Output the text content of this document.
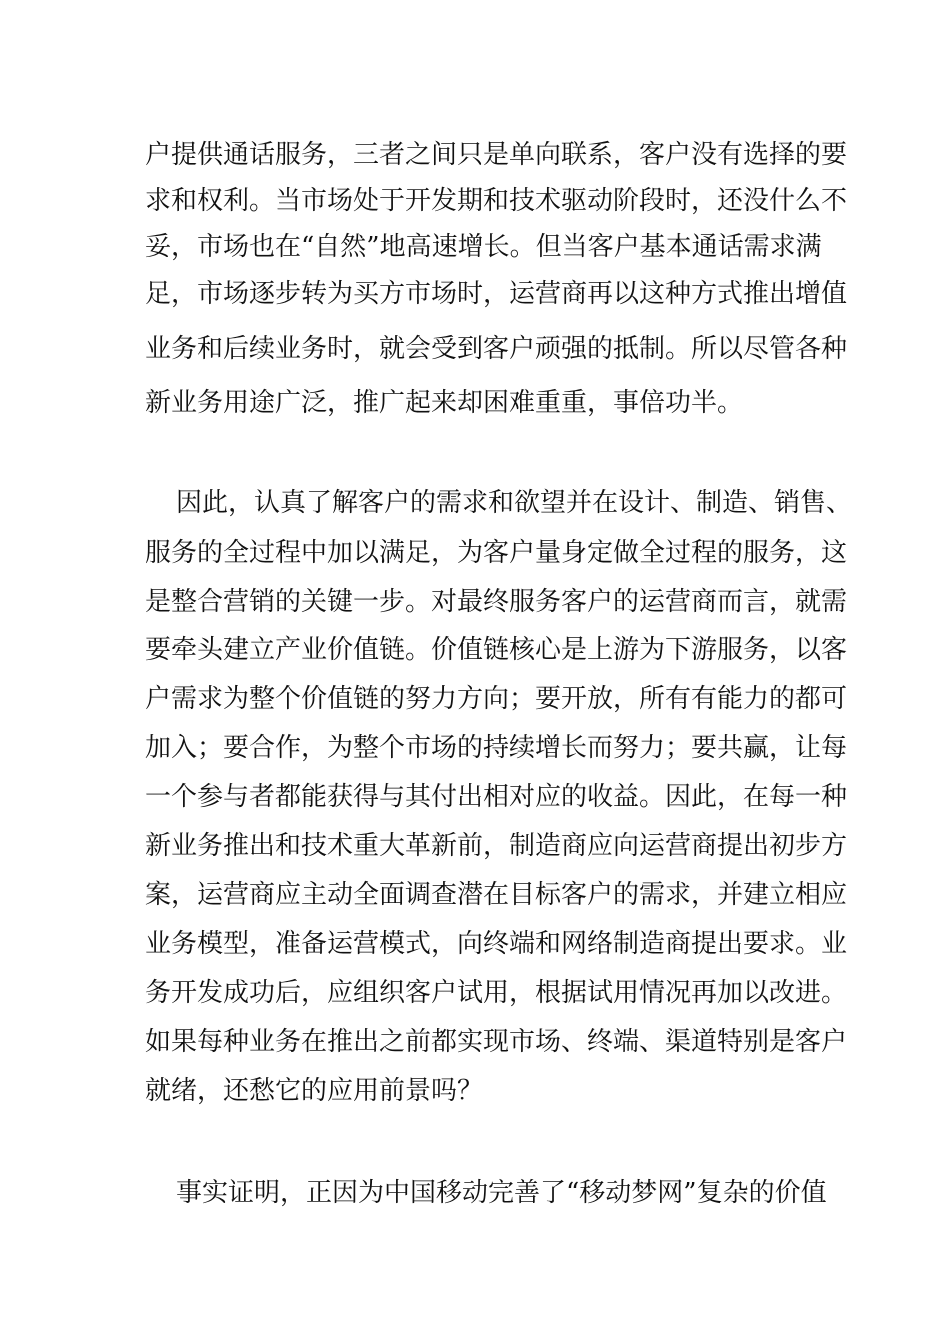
户提供通话服务，三者之间只是单向联系，客户没有选择的要
求和权利。当市场处于开发期和技术驱动阶段时，还没什么不
妥，市场也在“自然”地高速增长。但当客户基本通话需求满
足，市场逐步转为买方市场时，运营商再以这种方式推出增值
业务和后续业务时，就会受到客户顽强的抵制。所以尽管各种
新业务用途广泛，推广起来却困难重重，事倍功半。
因此，认真了解客户的需求和欲望并在设计、制造、销售、
服务的全过程中加以满足，为客户量身定做全过程的服务，这
是整合营销的关键一步。对最终服务客户的运营商而言，就需
要牵头建立产业价值链。价值链核心是上游为下游服务，以客
户需求为整个价值链的努力方向；要开放，所有有能力的都可
加入；要合作，为整个市场的持续增长而努力；要共赢，让每
一个参与者都能获得与其付出相对应的收益。因此，在每一种
新业务推出和技术重大革新前，制造商应向运营商提出初步方
案，运营商应主动全面调查潜在目标客户的需求，并建立相应
业务模型，准备运营模式，向终端和网络制造商提出要求。业
务开发成功后，应组织客户试用，根据试用情况再加以改进。
如果每种业务在推出之前都实现市场、终端、渠道特别是客户
就绪，还愁它的应用前景吗？
事实证明，正因为中国移动完善了“移动梦网”复杂的价值
